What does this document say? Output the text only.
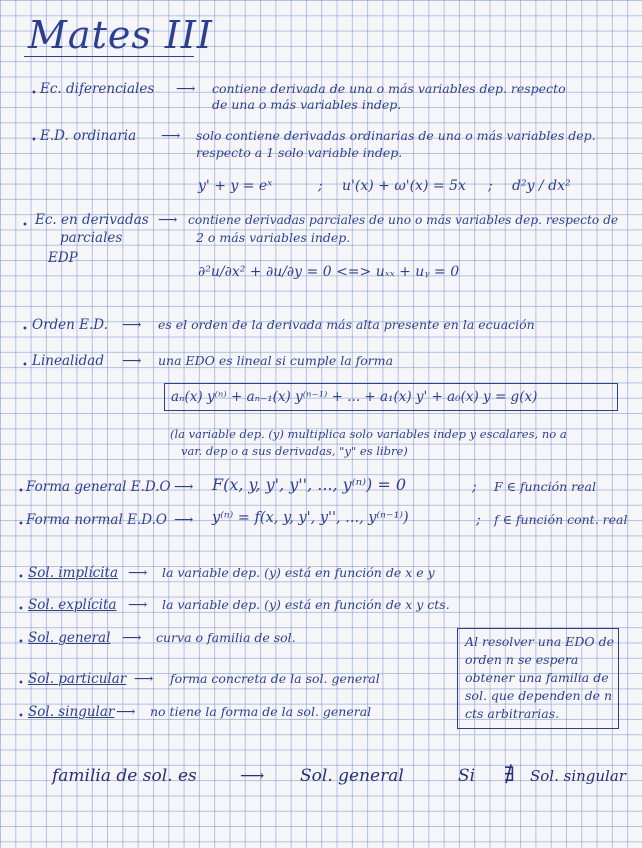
Mates III
• Ec. diferenciales ⟶ contiene derivada de una o más variables dep. respecto
de una o más variables indep.
• E.D. ordinaria ⟶ solo contiene derivadas ordinarias de una o más variables dep.
respecto a 1 solo variable indep.
y' + y = eˣ	; u'(x) + ω'(x) = 5x ; d²y / dx²
• Ec. en derivadas
parciales
EDP
⟶ contiene derivadas parciales de uno o más variables dep. respecto de
2 o más variables indep.
∂²u/∂x² + ∂u/∂y = 0 <=> uₓₓ + uᵧ = 0
• Orden E.D. ⟶ es el orden de la derivada más alta presente en la ecuación
• Linealidad ⟶ una EDO es lineal si cumple la forma
aₙ(x) y⁽ⁿ⁾ + aₙ₋₁(x) y⁽ⁿ⁻¹⁾ + ... + a₁(x) y' + a₀(x) y = g(x)
(la variable dep. (y) multiplica solo variables indep y escalares, no a
var. dep o a sus derivadas, "y" es libre)
• Forma general E.D.O ⟶ F(x, y, y', y'', ..., y⁽ⁿ⁾) = 0	; F ∈ función real
• Forma normal E.D.O ⟶ y⁽ⁿ⁾ = f(x, y, y', y'', ..., y⁽ⁿ⁻¹⁾)	; f ∈ función cont. real
• Sol. implícita ⟶ la variable dep. (y) está en función de x e y
• Sol. explícita ⟶ la variable dep. (y) está en función de x y cts.
• Sol. general ⟶ curva o familia de sol.
• Sol. particular ⟶ forma concreta de la sol. general
• Sol. singular ⟶ no tiene la forma de la sol. general
Al resolver una EDO de orden n se espera obtener una familia de sol. que dependen de n cts arbitrarias.
familia de sol. es	⟶ Sol. general	Si ∄ Sol. singular
